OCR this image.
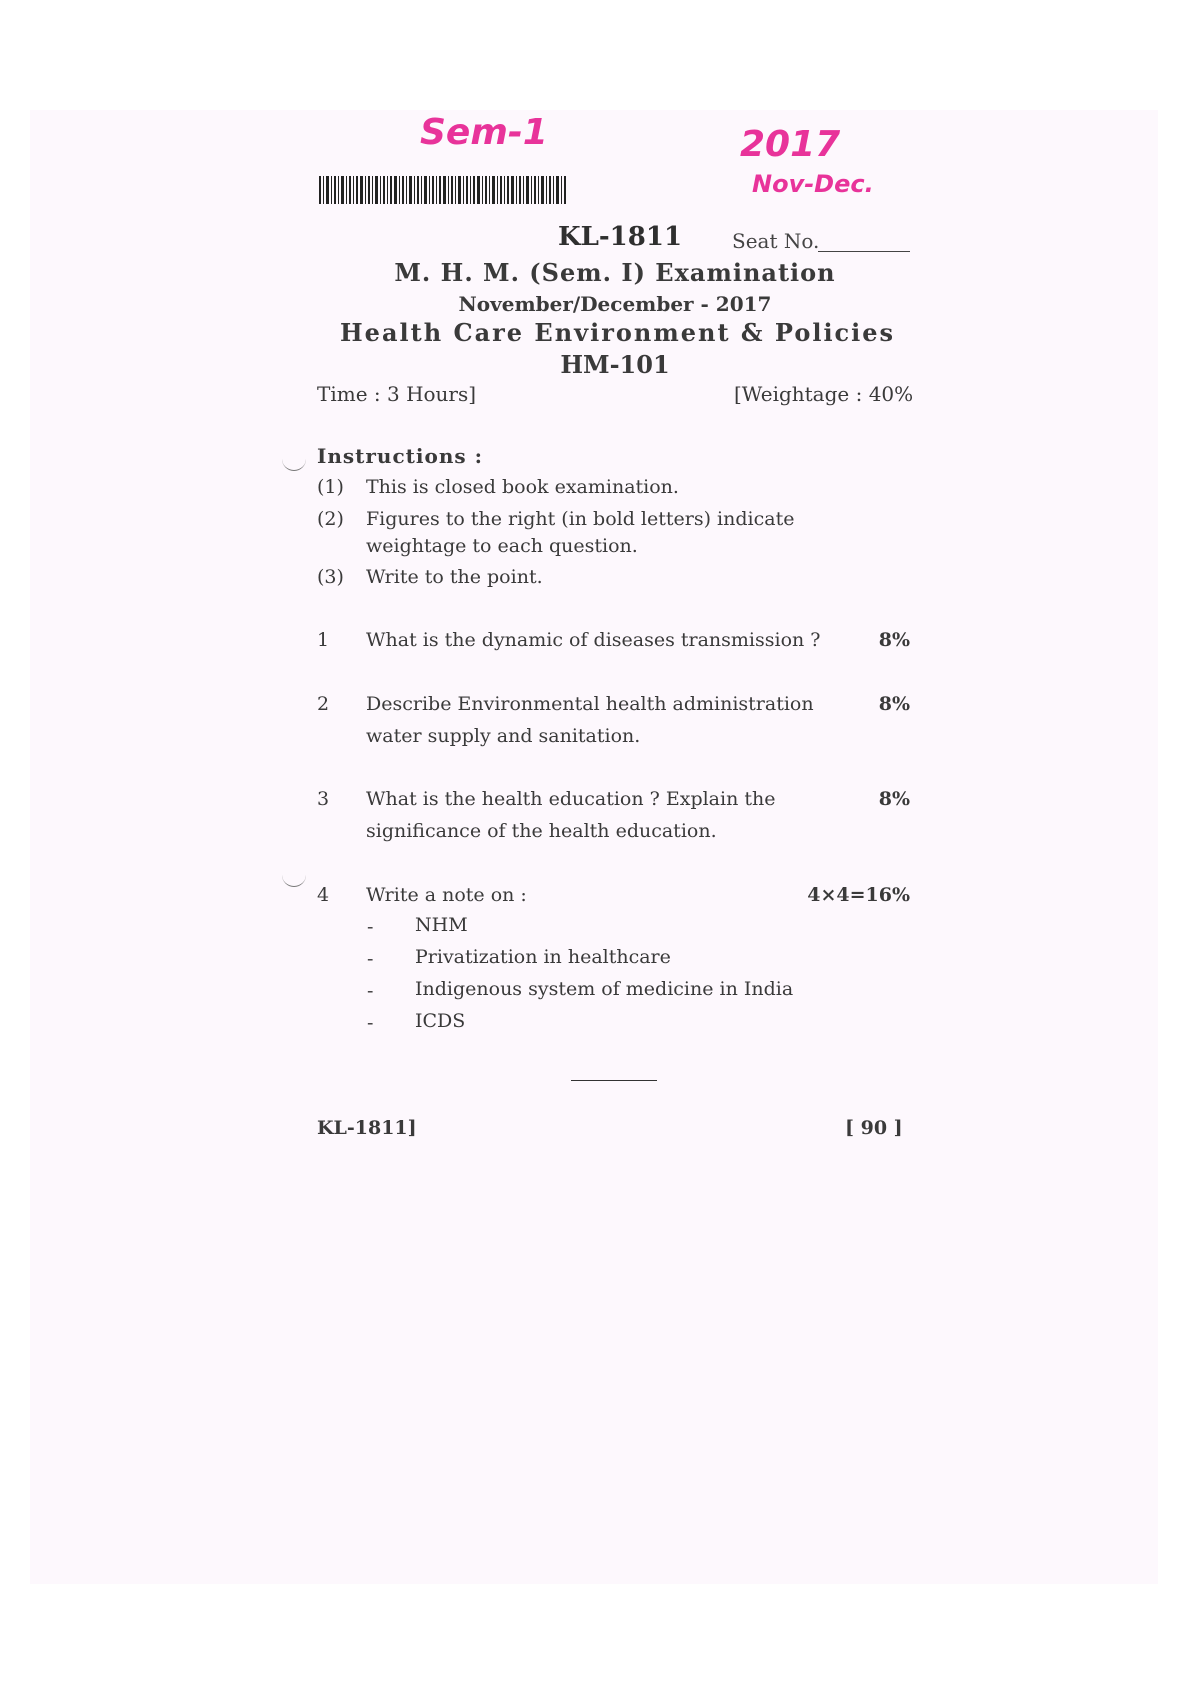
Sem-1	2017
Nov-Dec.
KL-1811 Seat No.
M. H. M. (Sem. I) Examination
November/December - 2017
Health Care Environment & Policies
HM-101
Time : 3 Hours]	[Weightage : 40%
Instructions :
(1) This is closed book examination.
(2) Figures to the right (in bold letters) indicate
weightage to each question.
(3) Write to the point.
1 What is the dynamic of diseases transmission ?	8%
2 Describe Environmental health administration
water supply and sanitation.
8%
3 What is the health education ? Explain the
significance of the health education.
8%
4 Write a note on :	4×4=16%
- NHM
- Privatization in healthcare
- Indigenous system of medicine in India
- ICDS
KL-1811]	[ 90 ]
